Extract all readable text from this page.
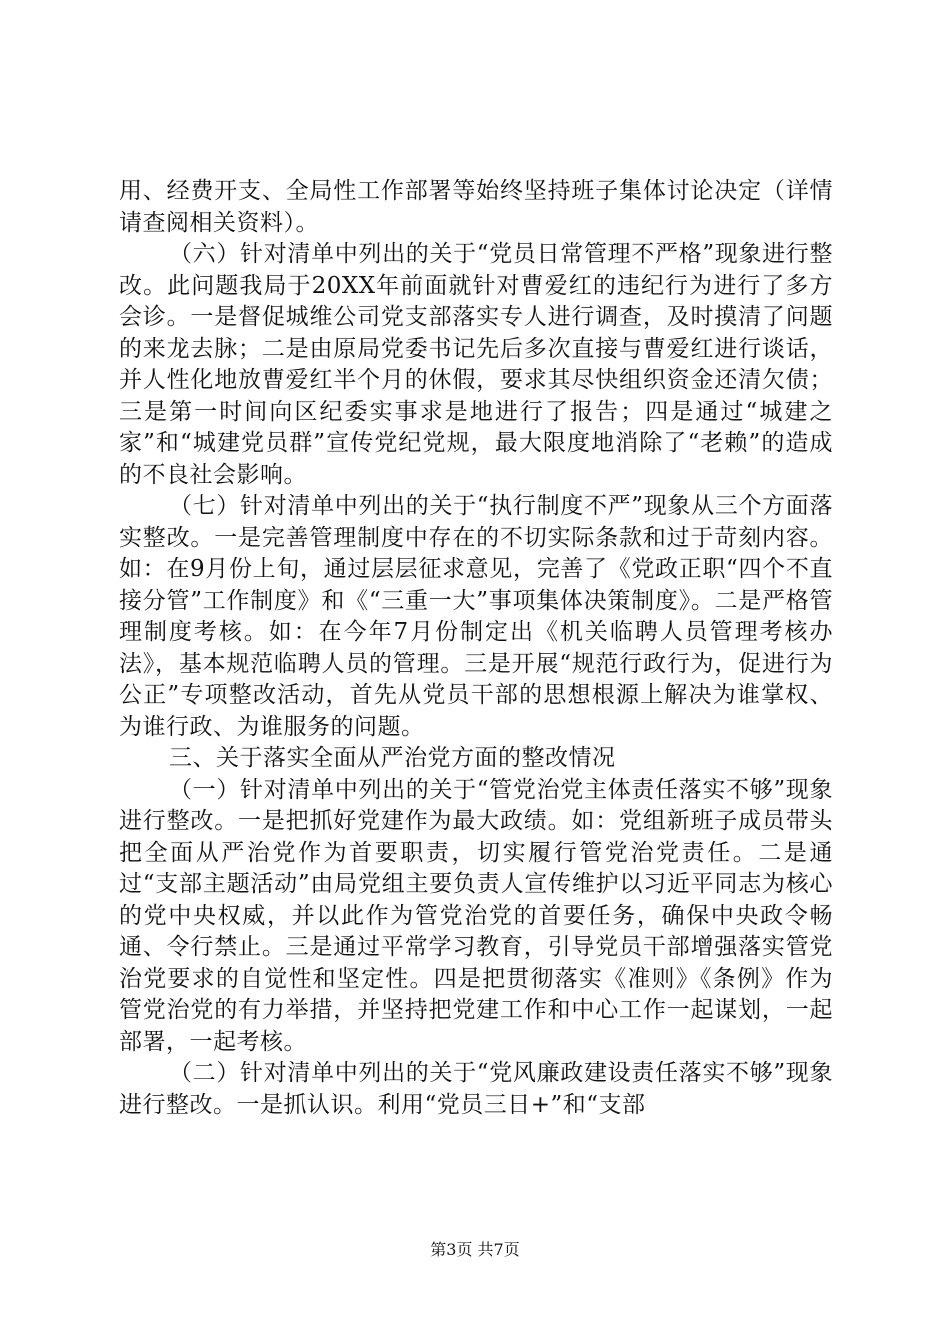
用、经费开支、全局性工作部署等始终坚持班子集体讨论决定（详情请查阅相关资料）。

（六）针对清单中列出的关于“党员日常管理不严格”现象进行整改。此问题我局于20XX年前面就针对曹爱红的违纪行为进行了多方会诊。一是督促城维公司党支部落实专人进行调查，及时摸清了问题的来龙去脉；二是由原局党委书记先后多次直接与曹爱红进行谈话，并人性化地放曹爱红半个月的休假，要求其尽快组织资金还清欠债；三是第一时间向区纪委实事求是地进行了报告；四是通过“城建之家”和“城建党员群”宣传党纪党规，最大限度地消除了“老赖”的造成的不良社会影响。

（七）针对清单中列出的关于“执行制度不严”现象从三个方面落实整改。一是完善管理制度中存在的不切实际条款和过于苛刻内容。如：在9月份上旬，通过层层征求意见，完善了《党政正职“四个不直接分管”工作制度》和《“三重一大”事项集体决策制度》。二是严格管理制度考核。如：在今年7月份制定出《机关临聘人员管理考核办法》，基本规范临聘人员的管理。三是开展“规范行政行为，促进行为公正”专项整改活动，首先从党员干部的思想根源上解决为谁掌权、为谁行政、为谁服务的问题。

三、关于落实全面从严治党方面的整改情况

（一）针对清单中列出的关于“管党治党主体责任落实不够”现象进行整改。一是把抓好党建作为最大政绩。如：党组新班子成员带头把全面从严治党作为首要职责，切实履行管党治党责任。二是通过“支部主题活动”由局党组主要负责人宣传维护以习近平同志为核心的党中央权威，并以此作为管党治党的首要任务，确保中央政令畅通、令行禁止。三是通过平常学习教育，引导党员干部增强落实管党治党要求的自觉性和坚定性。四是把贯彻落实《准则》《条例》作为管党治党的有力举措，并坚持把党建工作和中心工作一起谋划，一起部署，一起考核。

（二）针对清单中列出的关于“党风廉政建设责任落实不够”现象进行整改。一是抓认识。利用“党员三日+”和“支部

第3页 共7页
